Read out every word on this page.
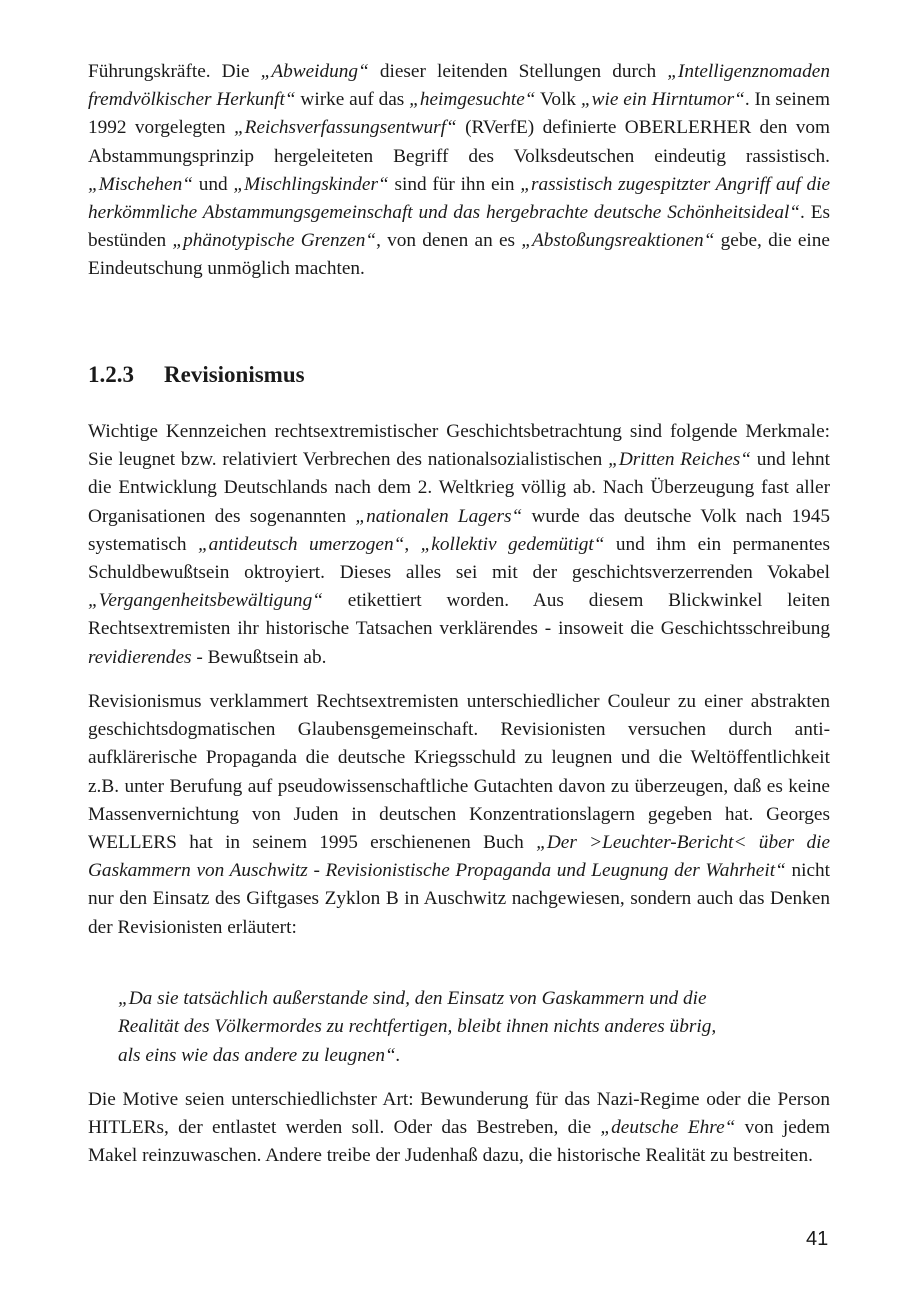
Führungskräfte. Die „Abweidung“ dieser leitenden Stellungen durch „Intelligenznomaden fremdvölkischer Herkunft“ wirke auf das „heimgesuchte“ Volk „wie ein Hirntumor“. In seinem 1992 vorgelegten „Reichsverfassungsentwurf“ (RVerfE) definierte OBERLERHER den vom Abstammungsprinzip hergeleiteten Begriff des Volksdeutschen eindeutig rassistisch. „Mischehen“ und „Mischlingskinder“ sind für ihn ein „rassistisch zugespitzter Angriff auf die herkömmliche Abstammungsgemeinschaft und das hergebrachte deutsche Schönheitsideal“. Es bestünden „phänotypische Grenzen“, von denen an es „Abstoßungsreaktionen“ gebe, die eine Eindeutschung unmöglich machten.

1.2.3 Revisionismus

Wichtige Kennzeichen rechtsextremistischer Geschichtsbetrachtung sind folgende Merkmale: Sie leugnet bzw. relativiert Verbrechen des nationalsozialistischen „Dritten Reiches“ und lehnt die Entwicklung Deutschlands nach dem 2. Weltkrieg völlig ab. Nach Überzeugung fast aller Organisationen des sogenannten „nationalen Lagers“ wurde das deutsche Volk nach 1945 systematisch „antideutsch umerzogen“, „kollektiv gedemütigt“ und ihm ein permanentes Schuldbewußtsein oktroyiert. Dieses alles sei mit der geschichtsverzerrenden Vokabel „Vergangenheitsbewältigung“ etikettiert worden. Aus diesem Blickwinkel leiten Rechtsextremisten ihr historische Tatsachen verklärendes - insoweit die Geschichtsschreibung revidierendes - Bewußtsein ab.

Revisionismus verklammert Rechtsextremisten unterschiedlicher Couleur zu einer abstrakten geschichtsdogmatischen Glaubensgemeinschaft. Revisionisten versuchen durch anti-aufklärerische Propaganda die deutsche Kriegsschuld zu leugnen und die Weltöffentlichkeit z.B. unter Berufung auf pseudowissenschaftliche Gutachten davon zu überzeugen, daß es keine Massenvernichtung von Juden in deutschen Konzentrationslagern gegeben hat. Georges WELLERS hat in seinem 1995 erschienenen Buch „Der >Leuchter-Bericht< über die Gaskammern von Auschwitz - Revisionistische Propaganda und Leugnung der Wahrheit“ nicht nur den Einsatz des Giftgases Zyklon B in Auschwitz nachgewiesen, sondern auch das Denken der Revisionisten erläutert:

„Da sie tatsächlich außerstande sind, den Einsatz von Gaskammern und die
Realität des Völkermordes zu rechtfertigen, bleibt ihnen nichts anderes übrig,
als eins wie das andere zu leugnen“.

Die Motive seien unterschiedlichster Art: Bewunderung für das Nazi-Regime oder die Person HITLERs, der entlastet werden soll. Oder das Bestreben, die „deutsche Ehre“ von jedem Makel reinzuwaschen. Andere treibe der Judenhaß dazu, die historische Realität zu bestreiten.

41
